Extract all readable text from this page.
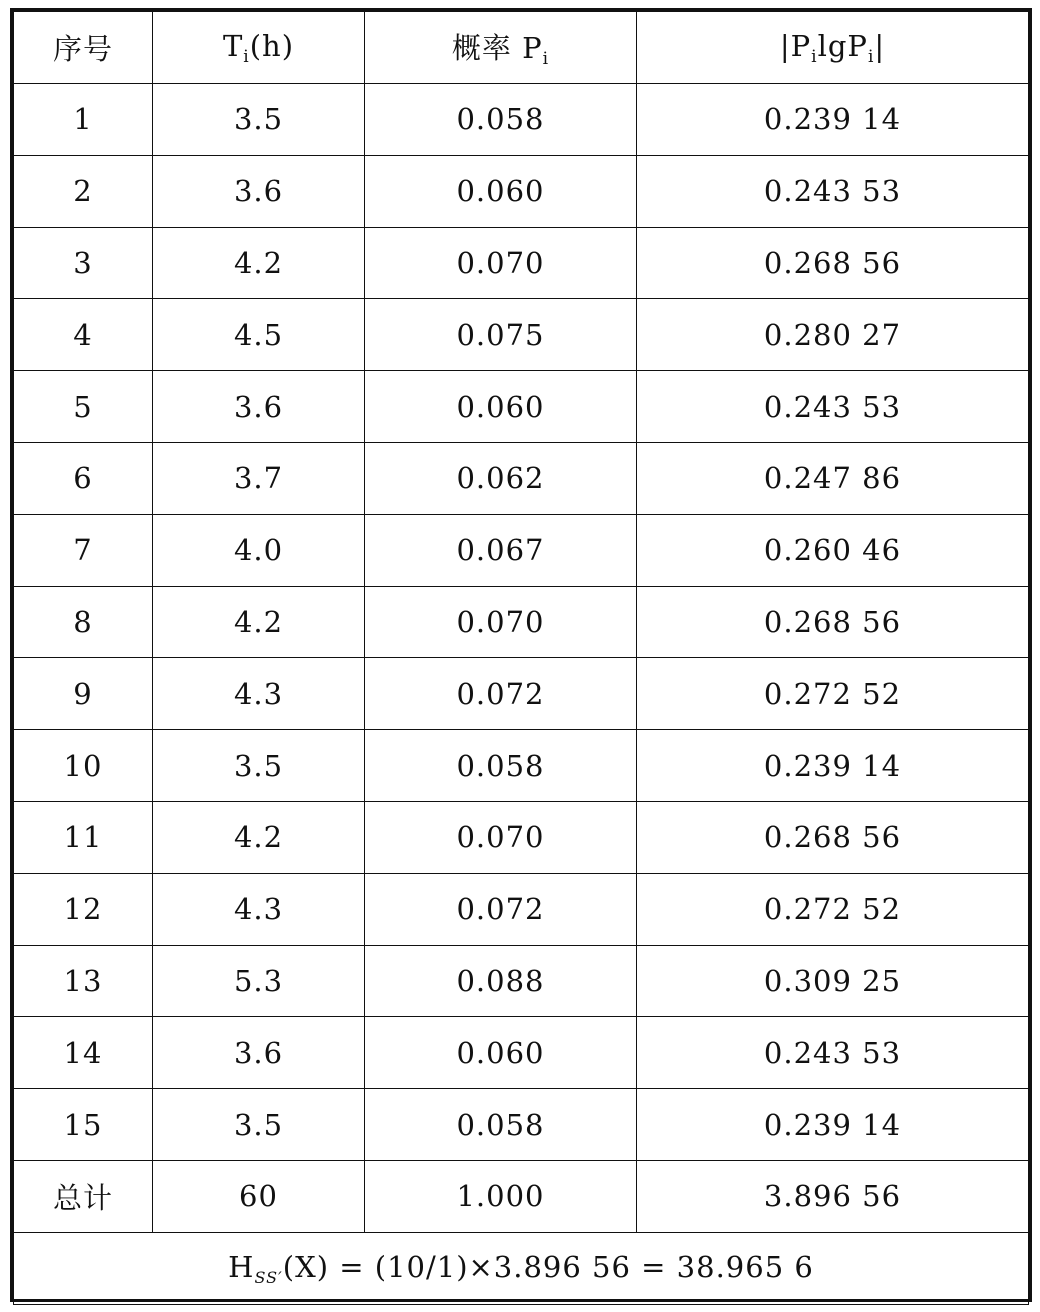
序号	$T_i(h)$	概率 $P_i$	$|P_i\lg P_i|$
1	3.5	0.058	0.239 14
2	3.6	0.060	0.243 53
3	4.2	0.070	0.268 56
4	4.5	0.075	0.280 27
5	3.6	0.060	0.243 53
6	3.7	0.062	0.247 86
7	4.0	0.067	0.260 46
8	4.2	0.070	0.268 56
9	4.3	0.072	0.272 52
10	3.5	0.058	0.239 14
11	4.2	0.070	0.268 56
12	4.3	0.072	0.272 52
13	5.3	0.088	0.309 25
14	3.6	0.060	0.243 53
15	3.5	0.058	0.239 14
总计	60	1.000	3.896 56
$H_{SS'}(X) = (10/1)\times 3.896$ 56 = 38.965 6			
